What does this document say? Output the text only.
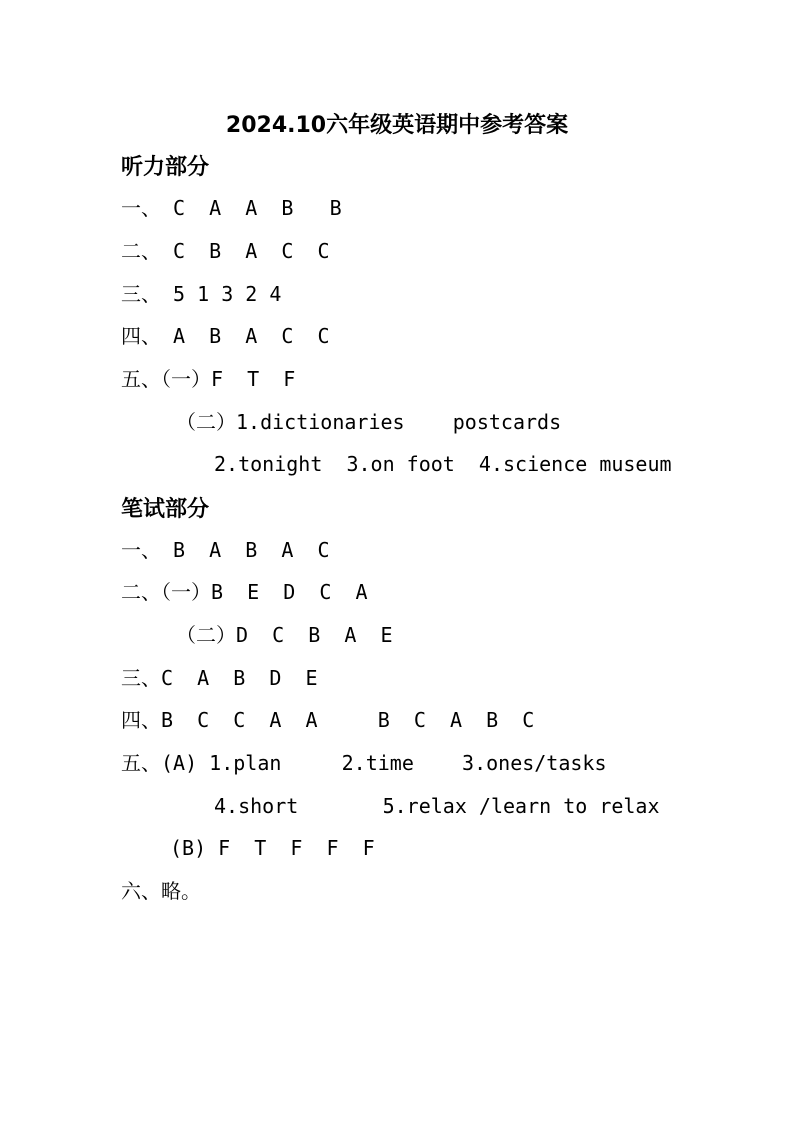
2024.10六年级英语期中参考答案
听力部分
一、 C  A  A  B   B
二、 C  B  A  C  C
三、 5 1 3 2 4
四、 A  B  A  C  C
五、（一）F  T  F
（二）1.dictionaries    postcards
2.tonight  3.on foot  4.science museum
笔试部分
一、 B  A  B  A  C
二、（一）B  E  D  C  A
（二）D  C  B  A  E
三、C  A  B  D  E
四、B  C  C  A  A     B  C  A  B  C
五、(A) 1.plan     2.time    3.ones/tasks
4.short       5.relax /learn to relax
(B) F  T  F  F  F
六、略。
